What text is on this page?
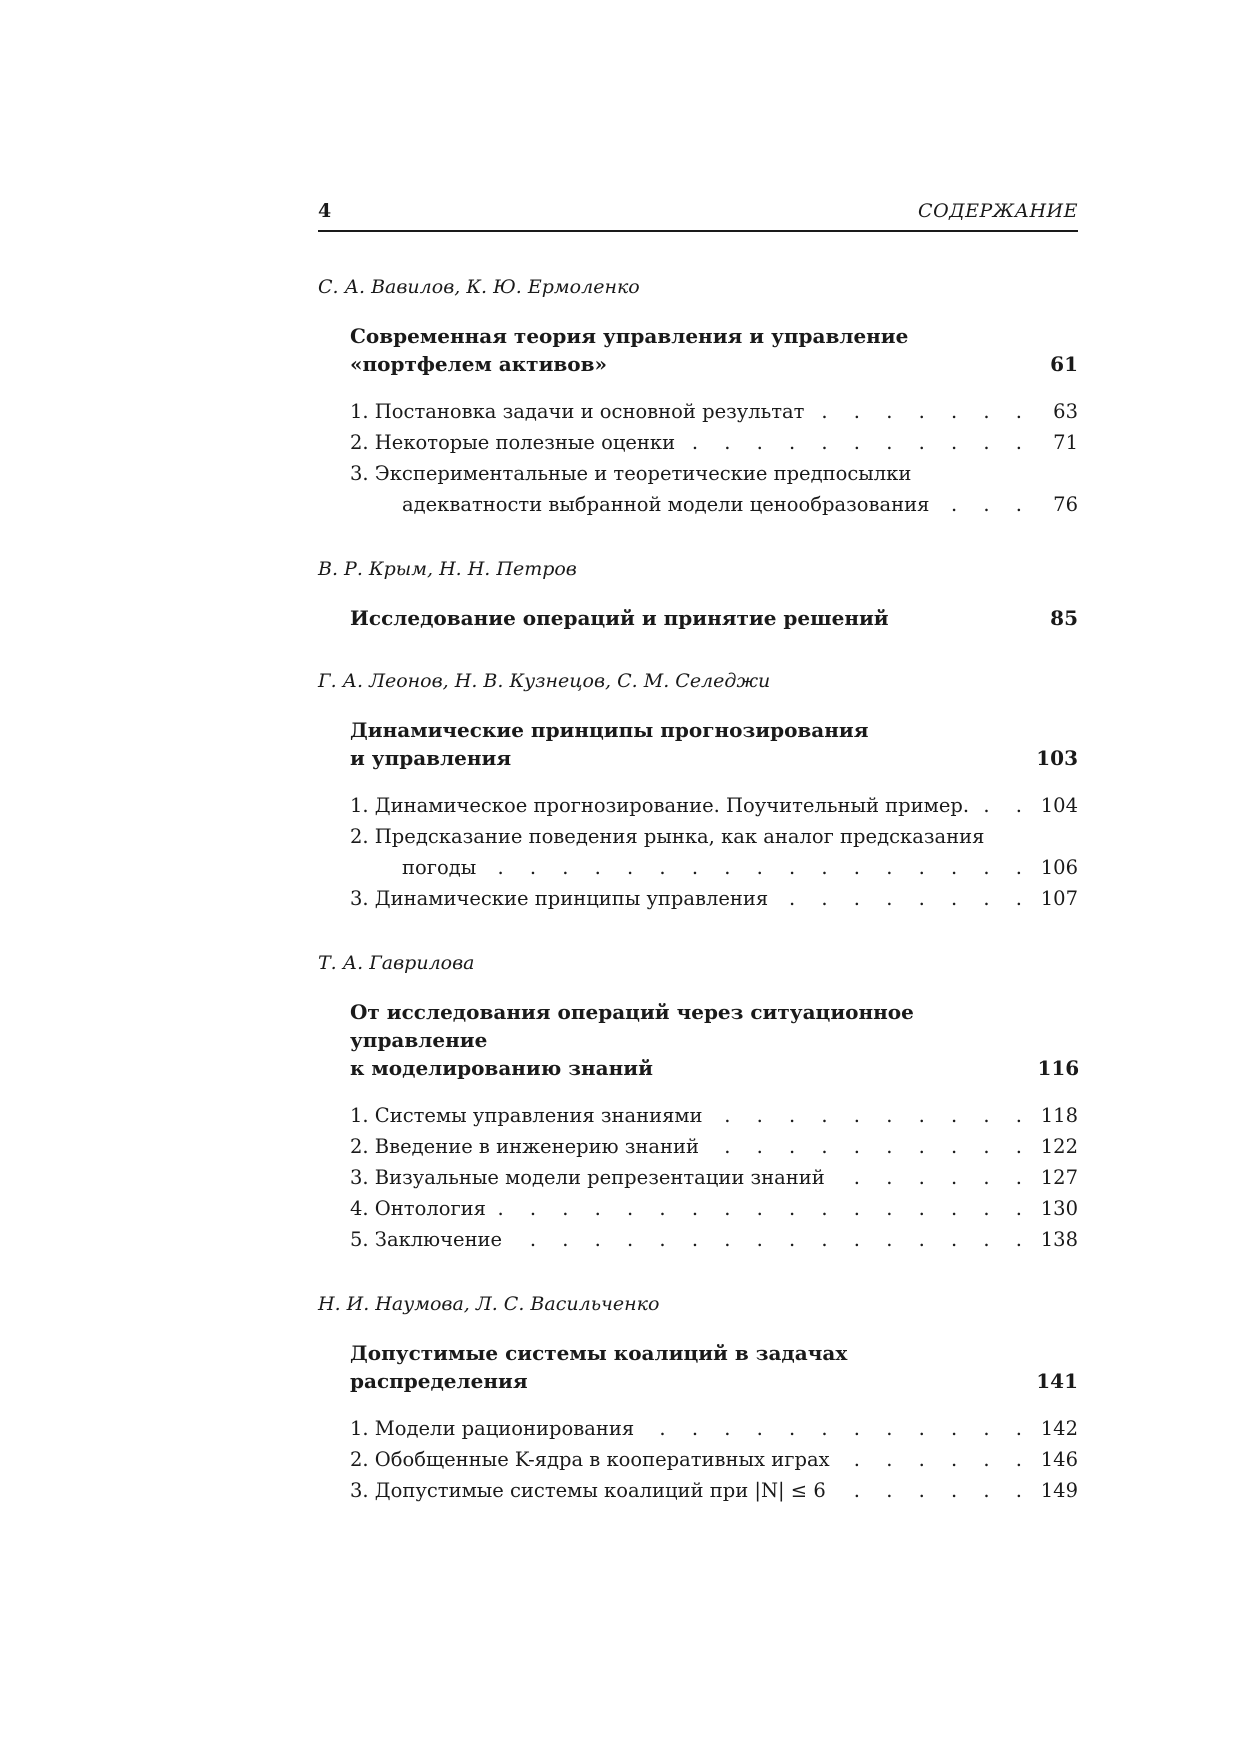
4	СОДЕРЖАНИЕ
С. А. Вавилов, К. Ю. Ермоленко
Современная теория управления и управление
«портфелем активов»	61
1. Постановка задачи и основной результат . . .	63
2. Некоторые полезные оценки . . .	71
3. Экспериментальные и теоретические предпосылки
адекватности выбранной модели ценообразования . . .	76
В. Р. Крым, Н. Н. Петров
Исследование операций и принятие решений	85
Г. А. Леонов, Н. В. Кузнецов, С. М. Селеджи
Динамические принципы прогнозирования
и управления	103
1. Динамическое прогнозирование. Поучительный пример. . . .	104
2. Предсказание поведения рынка, как аналог предсказания
погоды . . .	106
3. Динамические принципы управления . . .	107
Т. А. Гаврилова
От исследования операций через ситуационное управление
к моделированию знаний	116
1. Системы управления знаниями . . .	118
2. Введение в инженерию знаний . . .	122
3. Визуальные модели репрезентации знаний . . .	127
4. Онтология . . .	130
5. Заключение . . .	138
Н. И. Наумова, Л. С. Васильченко
Допустимые системы коалиций в задачах
распределения	141
1. Модели рационирования . . .	142
2. Обобщенные K-ядра в кооперативных играх . . .	146
3. Допустимые системы коалиций при |N| ≤ 6 . . .	149
